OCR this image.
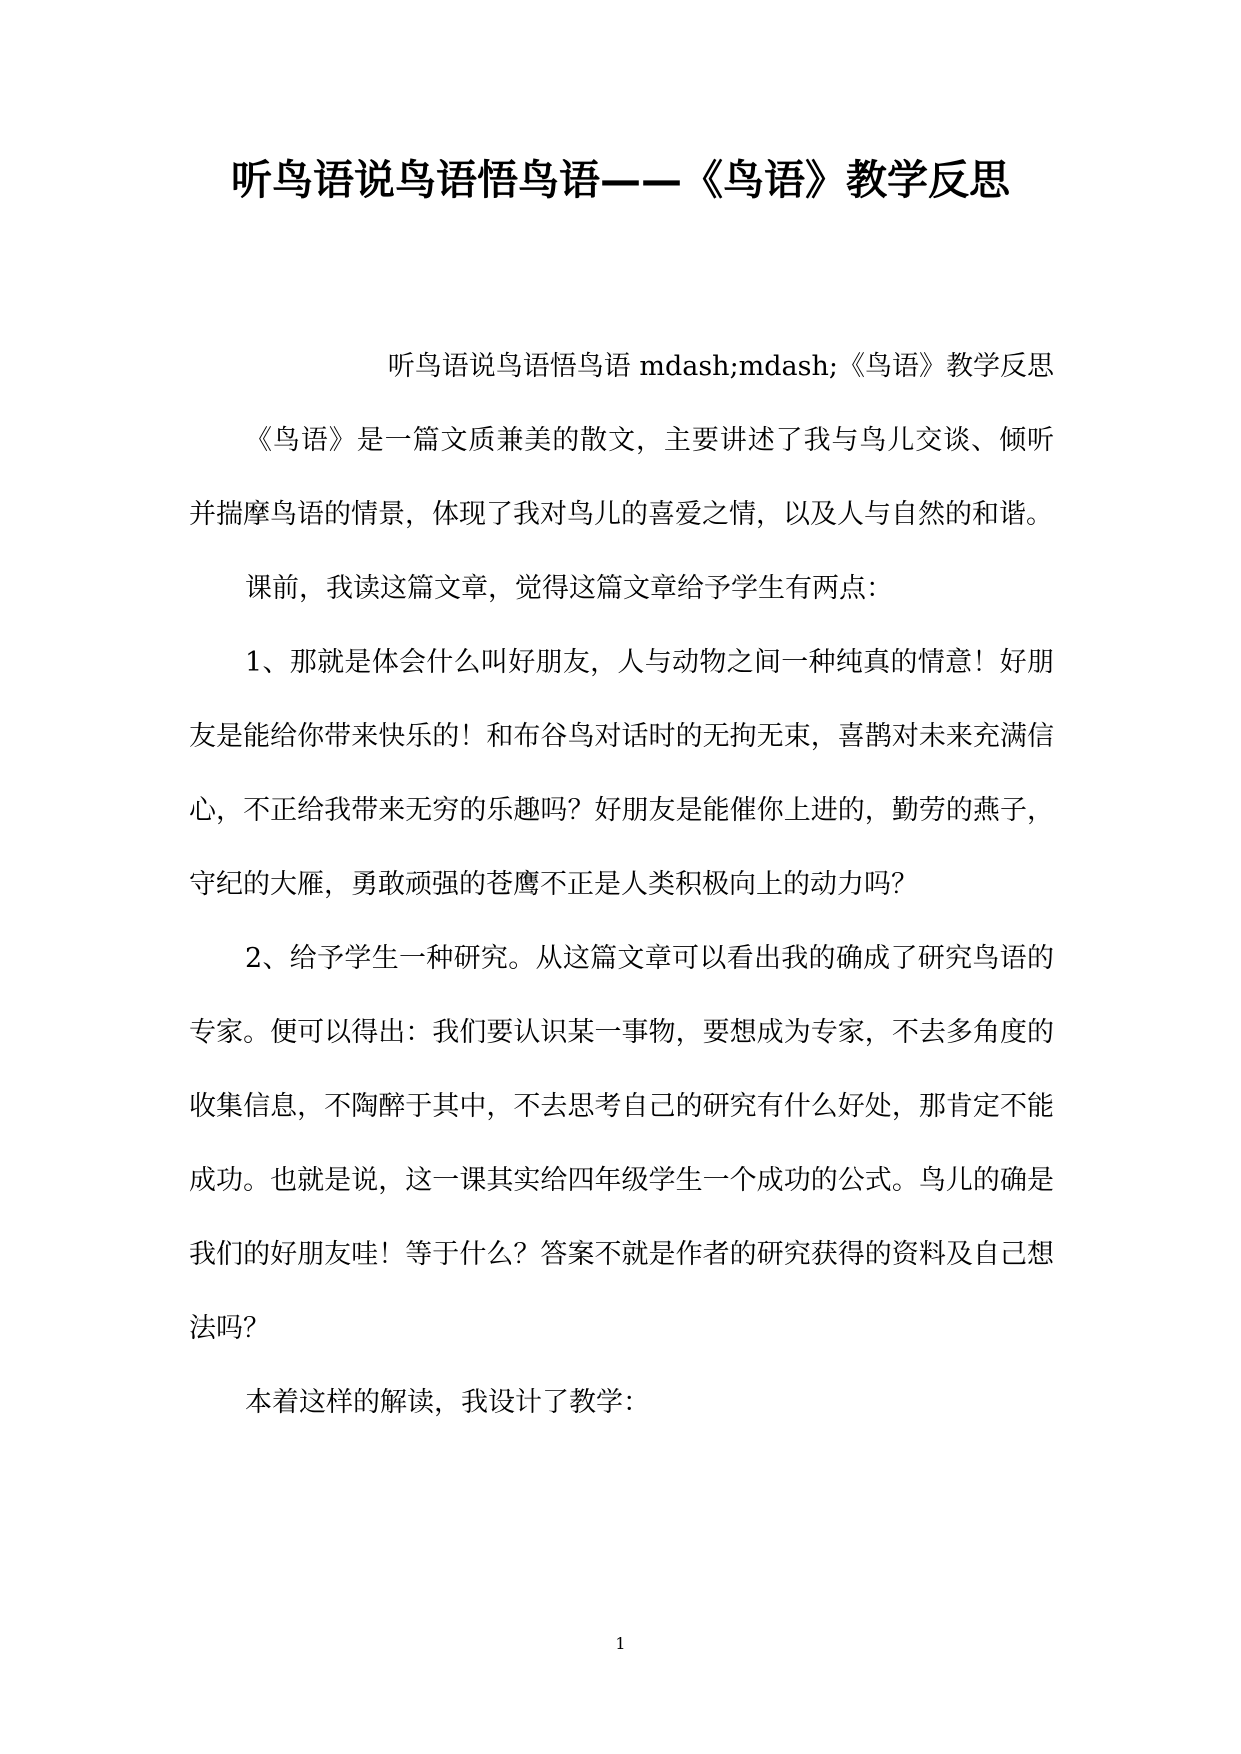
听鸟语说鸟语悟鸟语——《鸟语》教学反思

听鸟语说鸟语悟鸟语 mdash;mdash;《鸟语》教学反思

《鸟语》是一篇文质兼美的散文，主要讲述了我与鸟儿交谈、倾听并揣摩鸟语的情景，体现了我对鸟儿的喜爱之情，以及人与自然的和谐。

课前，我读这篇文章，觉得这篇文章给予学生有两点：

1、那就是体会什么叫好朋友，人与动物之间一种纯真的情意！好朋友是能给你带来快乐的！和布谷鸟对话时的无拘无束，喜鹊对未来充满信心，不正给我带来无穷的乐趣吗？好朋友是能催你上进的，勤劳的燕子，守纪的大雁，勇敢顽强的苍鹰不正是人类积极向上的动力吗？

2、给予学生一种研究。从这篇文章可以看出我的确成了研究鸟语的专家。便可以得出：我们要认识某一事物，要想成为专家，不去多角度的收集信息，不陶醉于其中，不去思考自己的研究有什么好处，那肯定不能成功。也就是说，这一课其实给四年级学生一个成功的公式。鸟儿的确是我们的好朋友哇！等于什么？答案不就是作者的研究获得的资料及自己想法吗？

本着这样的解读，我设计了教学：

1
